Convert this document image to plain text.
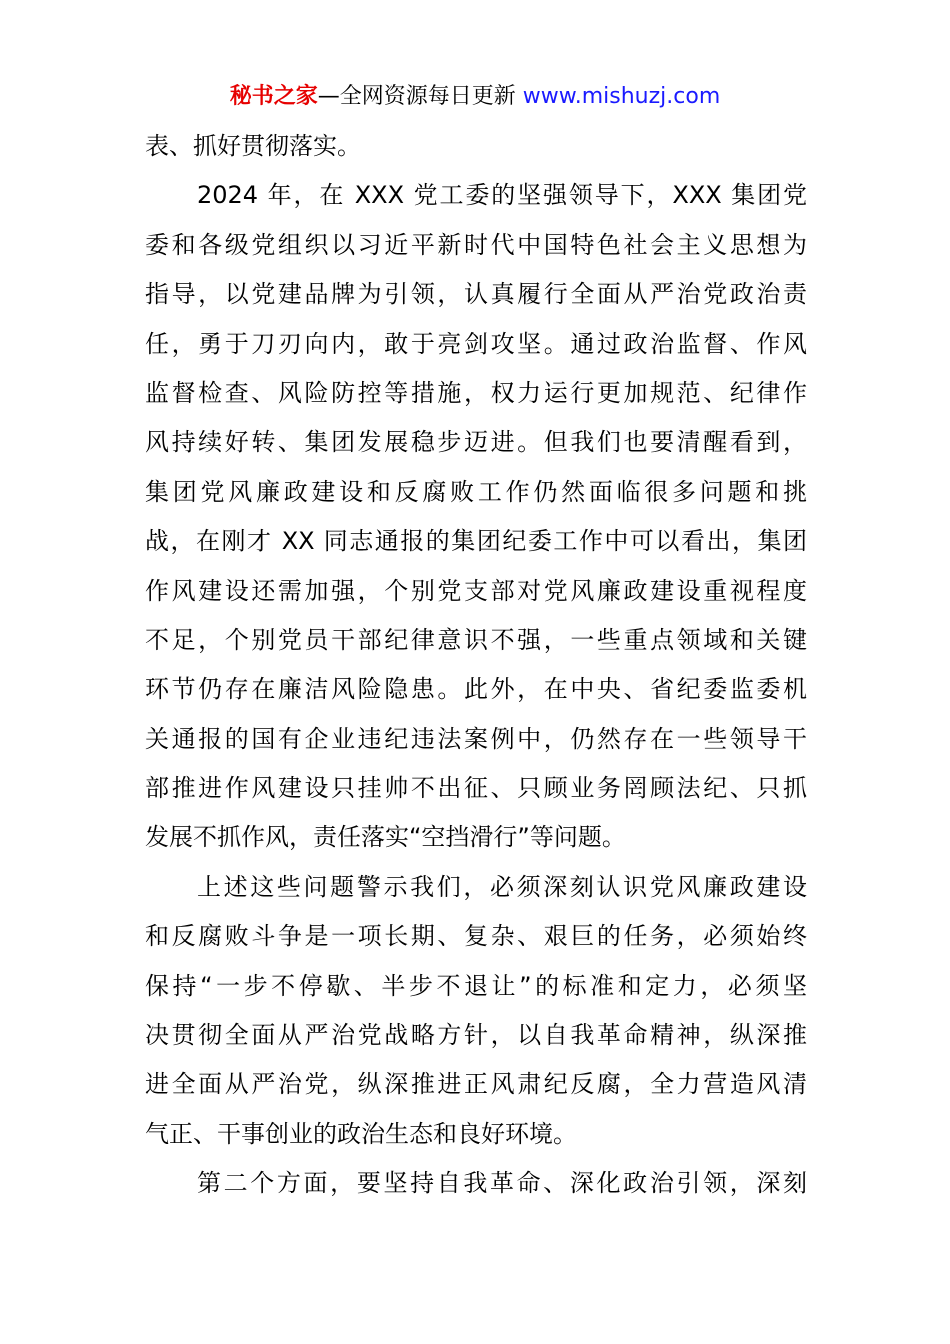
秘书之家—全网资源每日更新 www.mishuzj.com
表、抓好贯彻落实。
2024 年，在 XXX 党工委的坚强领导下，XXX 集团党
委和各级党组织以习近平新时代中国特色社会主义思想为
指导，以党建品牌为引领，认真履行全面从严治党政治责
任，勇于刀刃向内，敢于亮剑攻坚。通过政治监督、作风
监督检查、风险防控等措施，权力运行更加规范、纪律作
风持续好转、集团发展稳步迈进。但我们也要清醒看到，
集团党风廉政建设和反腐败工作仍然面临很多问题和挑
战，在刚才 XX 同志通报的集团纪委工作中可以看出，集团
作风建设还需加强，个别党支部对党风廉政建设重视程度
不足，个别党员干部纪律意识不强，一些重点领域和关键
环节仍存在廉洁风险隐患。此外，在中央、省纪委监委机
关通报的国有企业违纪违法案例中，仍然存在一些领导干
部推进作风建设只挂帅不出征、只顾业务罔顾法纪、只抓
发展不抓作风，责任落实“空挡滑行”等问题。
上述这些问题警示我们，必须深刻认识党风廉政建设
和反腐败斗争是一项长期、复杂、艰巨的任务，必须始终
保持“一步不停歇、半步不退让”的标准和定力，必须坚
决贯彻全面从严治党战略方针，以自我革命精神，纵深推
进全面从严治党，纵深推进正风肃纪反腐，全力营造风清
气正、干事创业的政治生态和良好环境。
第二个方面，要坚持自我革命、深化政治引领，深刻
